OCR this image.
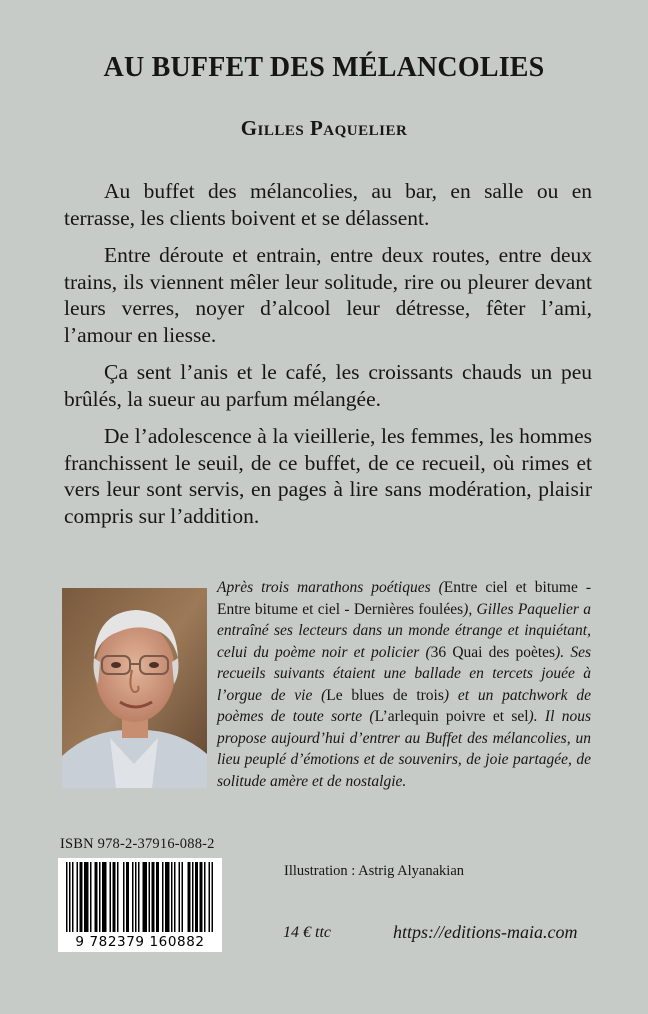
AU BUFFET DES MÉLANCOLIES
Gilles Paquelier

Au buffet des mélancolies, au bar, en salle ou en terrasse, les clients boivent et se délassent.

Entre déroute et entrain, entre deux routes, entre deux trains, ils viennent mêler leur solitude, rire ou pleurer devant leurs verres, noyer d’alcool leur détresse, fêter l’ami, l’amour en liesse.

Ça sent l’anis et le café, les croissants chauds un peu brûlés, la sueur au parfum mélangée.

De l’adolescence à la vieillerie, les femmes, les hommes franchissent le seuil, de ce buffet, de ce recueil, où rimes et vers leur sont servis, en pages à lire sans modération, plaisir compris sur l’addition.

Après trois marathons poétiques (Entre ciel et bitume - Entre bitume et ciel - Dernières foulées), Gilles Paquelier a entraîné ses lecteurs dans un monde étrange et inquiétant, celui du poème noir et policier (36 Quai des poètes). Ses recueils suivants étaient une ballade en tercets jouée à l’orgue de vie (Le blues de trois) et un patchwork de poèmes de toute sorte (L’arlequin poivre et sel). Il nous propose aujourd’hui d’entrer au Buffet des mélancolies, un lieu peuplé d’émotions et de souvenirs, de joie partagée, de solitude amère et de nostalgie.
ISBN 978-2-37916-088-2
9 782379 160882
Illustration : Astrig Alyanakian
14 € ttc	https://editions-maia.com
